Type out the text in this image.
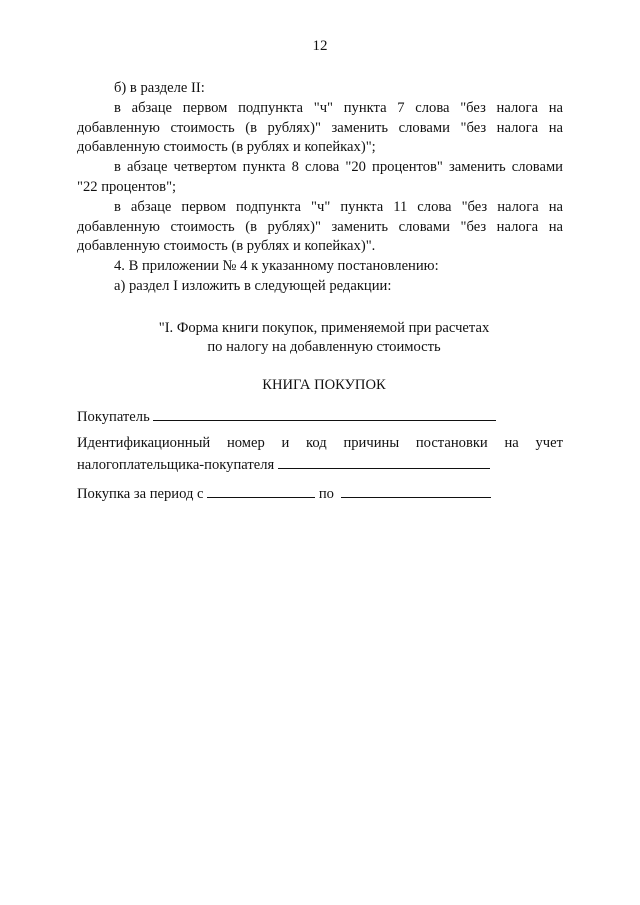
12

б) в разделе II:

в абзаце первом подпункта "ч" пункта 7 слова "без налога на добавленную стоимость (в рублях)" заменить словами "без налога на добавленную стоимость (в рублях и копейках)";

в абзаце четвертом пункта 8 слова "20 процентов" заменить словами "22 процентов";

в абзаце первом подпункта "ч" пункта 11 слова "без налога на добавленную стоимость (в рублях)" заменить словами "без налога на добавленную стоимость (в рублях и копейках)".

4. В приложении № 4 к указанному постановлению:

а) раздел I изложить в следующей редакции:

"I. Форма книги покупок, применяемой при расчетах
по налогу на добавленную стоимость

КНИГА ПОКУПОК

Покупатель

Идентификационный номер и код причины постановки на учет

налогоплательщика-покупателя

Покупка за период с	по
